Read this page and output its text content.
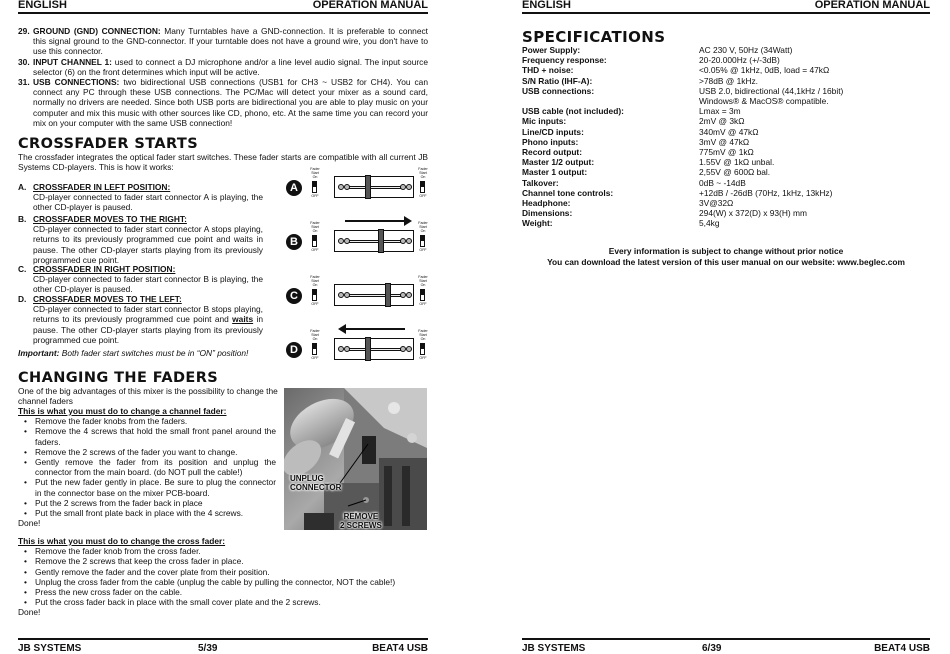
ENGLISH	OPERATION MANUAL
29. GROUND (GND) CONNECTION: Many Turntables have a GND-connection. It is preferable to connect this signal ground to the GND-connector. If your turntable does not have a ground wire, you don't have to use this connector.
30. INPUT CHANNEL 1: used to connect a DJ microphone and/or a line level audio signal. The input source selector (6) on the front determines which input will be active.
31. USB CONNECTIONS: two bidirectional USB connections (USB1 for CH3 ~ USB2 for CH4). You can connect any PC through these USB connections. The PC/Mac will detect your mixer as a sound card, normally no drivers are needed. Since both USB ports are bidirectional you are able to play music on your computer and mix this music with other sources like CD, phono, etc. At the same time you can record your mix on your computer with the same USB connection!
CROSSFADER STARTS
The crossfader integrates the optical fader start switches. These fader starts are compatible with all current JB Systems CD-players. This is how it works:
A. CROSSFADER IN LEFT POSITION:
CD-player connected to fader start connector A is playing, the other CD-player is paused.
B. CROSSFADER MOVES TO THE RIGHT:
CD-player connected to fader start connector A stops playing, returns to its previously programmed cue point and waits in pause. The other CD-player starts playing from its previously programmed cue point.
C. CROSSFADER IN RIGHT POSITION:
CD-player connected to fader start connector B is playing, the other CD-player is paused.
D. CROSSFADER MOVES TO THE LEFT:
CD-player connected to fader start connector B stops playing, returns to its previously programmed cue point and waits in pause. The other CD-player starts playing from its previously programmed cue point.
Important: Both fader start switches must be in “ON” position!
A
Fader Start
On
OFF
Fader Start
On
OFF
B
Fader Start
On
OFF
Fader Start
On
OFF
C
Fader Start
On
OFF
Fader Start
On
OFF
D
Fader Start
On
OFF
Fader Start
On
OFF
CHANGING THE FADERS
One of the big advantages of this mixer is the possibility to change the channel faders
This is what you must do to change a channel fader:
• Remove the fader knobs from the faders.
• Remove the 4 screws that hold the small front panel around the faders.
• Remove the 2 screws of the fader you want to change.
• Gently remove the fader from its position and unplug the connector from the main board. (do NOT pull the cable!)
• Put the new fader gently in place. Be sure to plug the connector in the connector base on the mixer PCB-board.
• Put the 2 screws from the fader back in place
• Put the small front plate back in place with the 4 screws.
Done!
UNPLUG
CONNECTOR
REMOVE
2 SCREWS
This is what you must do to change the cross fader:
• Remove the fader knob from the cross fader.
• Remove the 2 screws that keep the cross fader in place.
• Gently remove the fader and the cover plate from their position.
• Unplug the cross fader from the cable (unplug the cable by pulling the connector, NOT the cable!)
• Press the new cross fader on the cable.
• Put the cross fader back in place with the small cover plate and the 2 screws.
Done!
JB SYSTEMS	5/39	BEAT4 USB
ENGLISH	OPERATION MANUAL
SPECIFICATIONS
Power Supply:	AC 230 V, 50Hz (34Watt)
Frequency response:	20-20.000Hz (+/-3dB)
THD + noise:	<0.05% @ 1kHz, 0dB, load = 47kΩ
S/N Ratio (IHF-A):	>78dB @ 1kHz.
USB connections:	USB 2.0, bidirectional (44,1kHz / 16bit)
Windows® & MacOS® compatible.
USB cable (not included):	Lmax = 3m
Mic inputs:	2mV @ 3kΩ
Line/CD inputs:	340mV @ 47kΩ
Phono inputs:	3mV @ 47kΩ
Record output:	775mV @ 1kΩ
Master 1/2 output:	1.55V @ 1kΩ unbal.
Master 1 output:	2,55V @ 600Ω bal.
Talkover:	0dB ~ -14dB
Channel tone controls:	+12dB / -26dB (70Hz, 1kHz, 13kHz)
Headphone:	3V@32Ω
Dimensions:	294(W) x 372(D) x 93(H) mm
Weight:	5,4kg
Every information is subject to change without prior notice
You can download the latest version of this user manual on our website: www.beglec.com
JB SYSTEMS	6/39	BEAT4 USB
